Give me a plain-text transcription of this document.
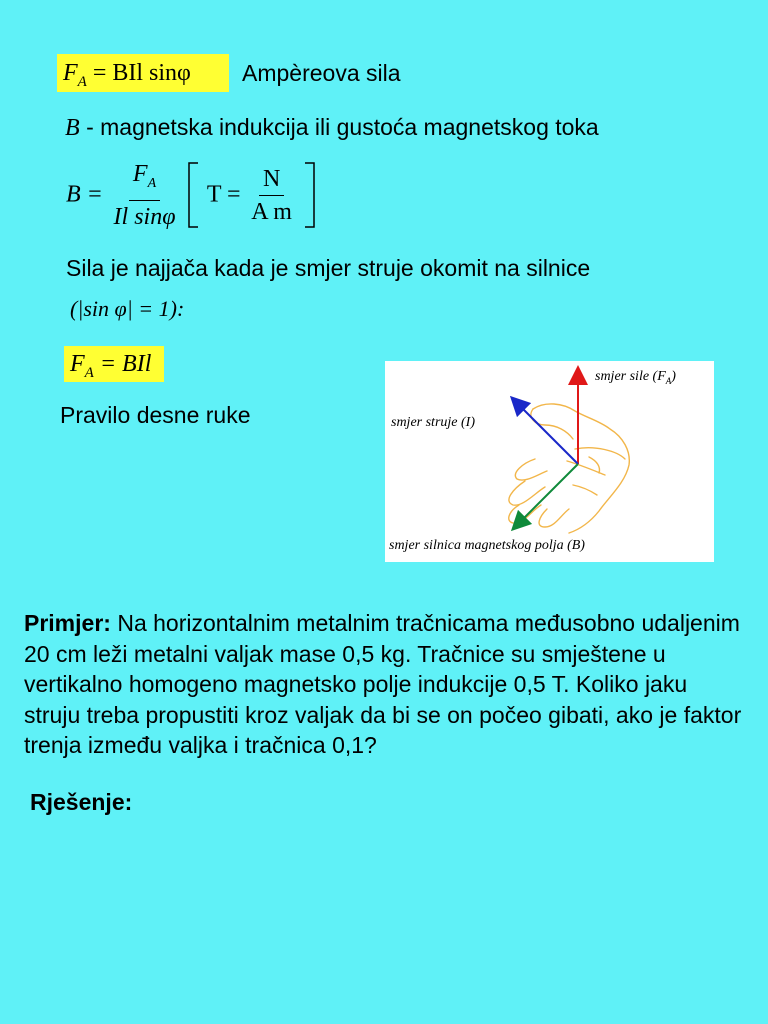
$F_A$ = BIl sinφ	Ampèreova sila
B - magnetska indukcija ili gustoća magnetskog toka
$B = \frac{F_A}{\text{Il sinφ}}$ $T = \frac{N}{\text{A m}}$

Sila je najjača kada je smjer struje okomit na silnice
(|sin φ| = 1):
$F_A$ = BIl
Pravilo desne ruke
smjer sile $(F_A)$
smjer struje (I)
smjer silnica magnetskog polja (B)
Primjer: Na horizontalnim metalnim tračnicama međusobno udaljenim 20 cm leži metalni valjak mase 0,5 kg. Tračnice su smještene u vertikalno homogeno magnetsko polje indukcije 0,5 T. Koliko jaku struju treba propustiti kroz valjak da bi se on počeo gibati, ako je faktor trenja između valjka i tračnica 0,1?
Rješenje:
